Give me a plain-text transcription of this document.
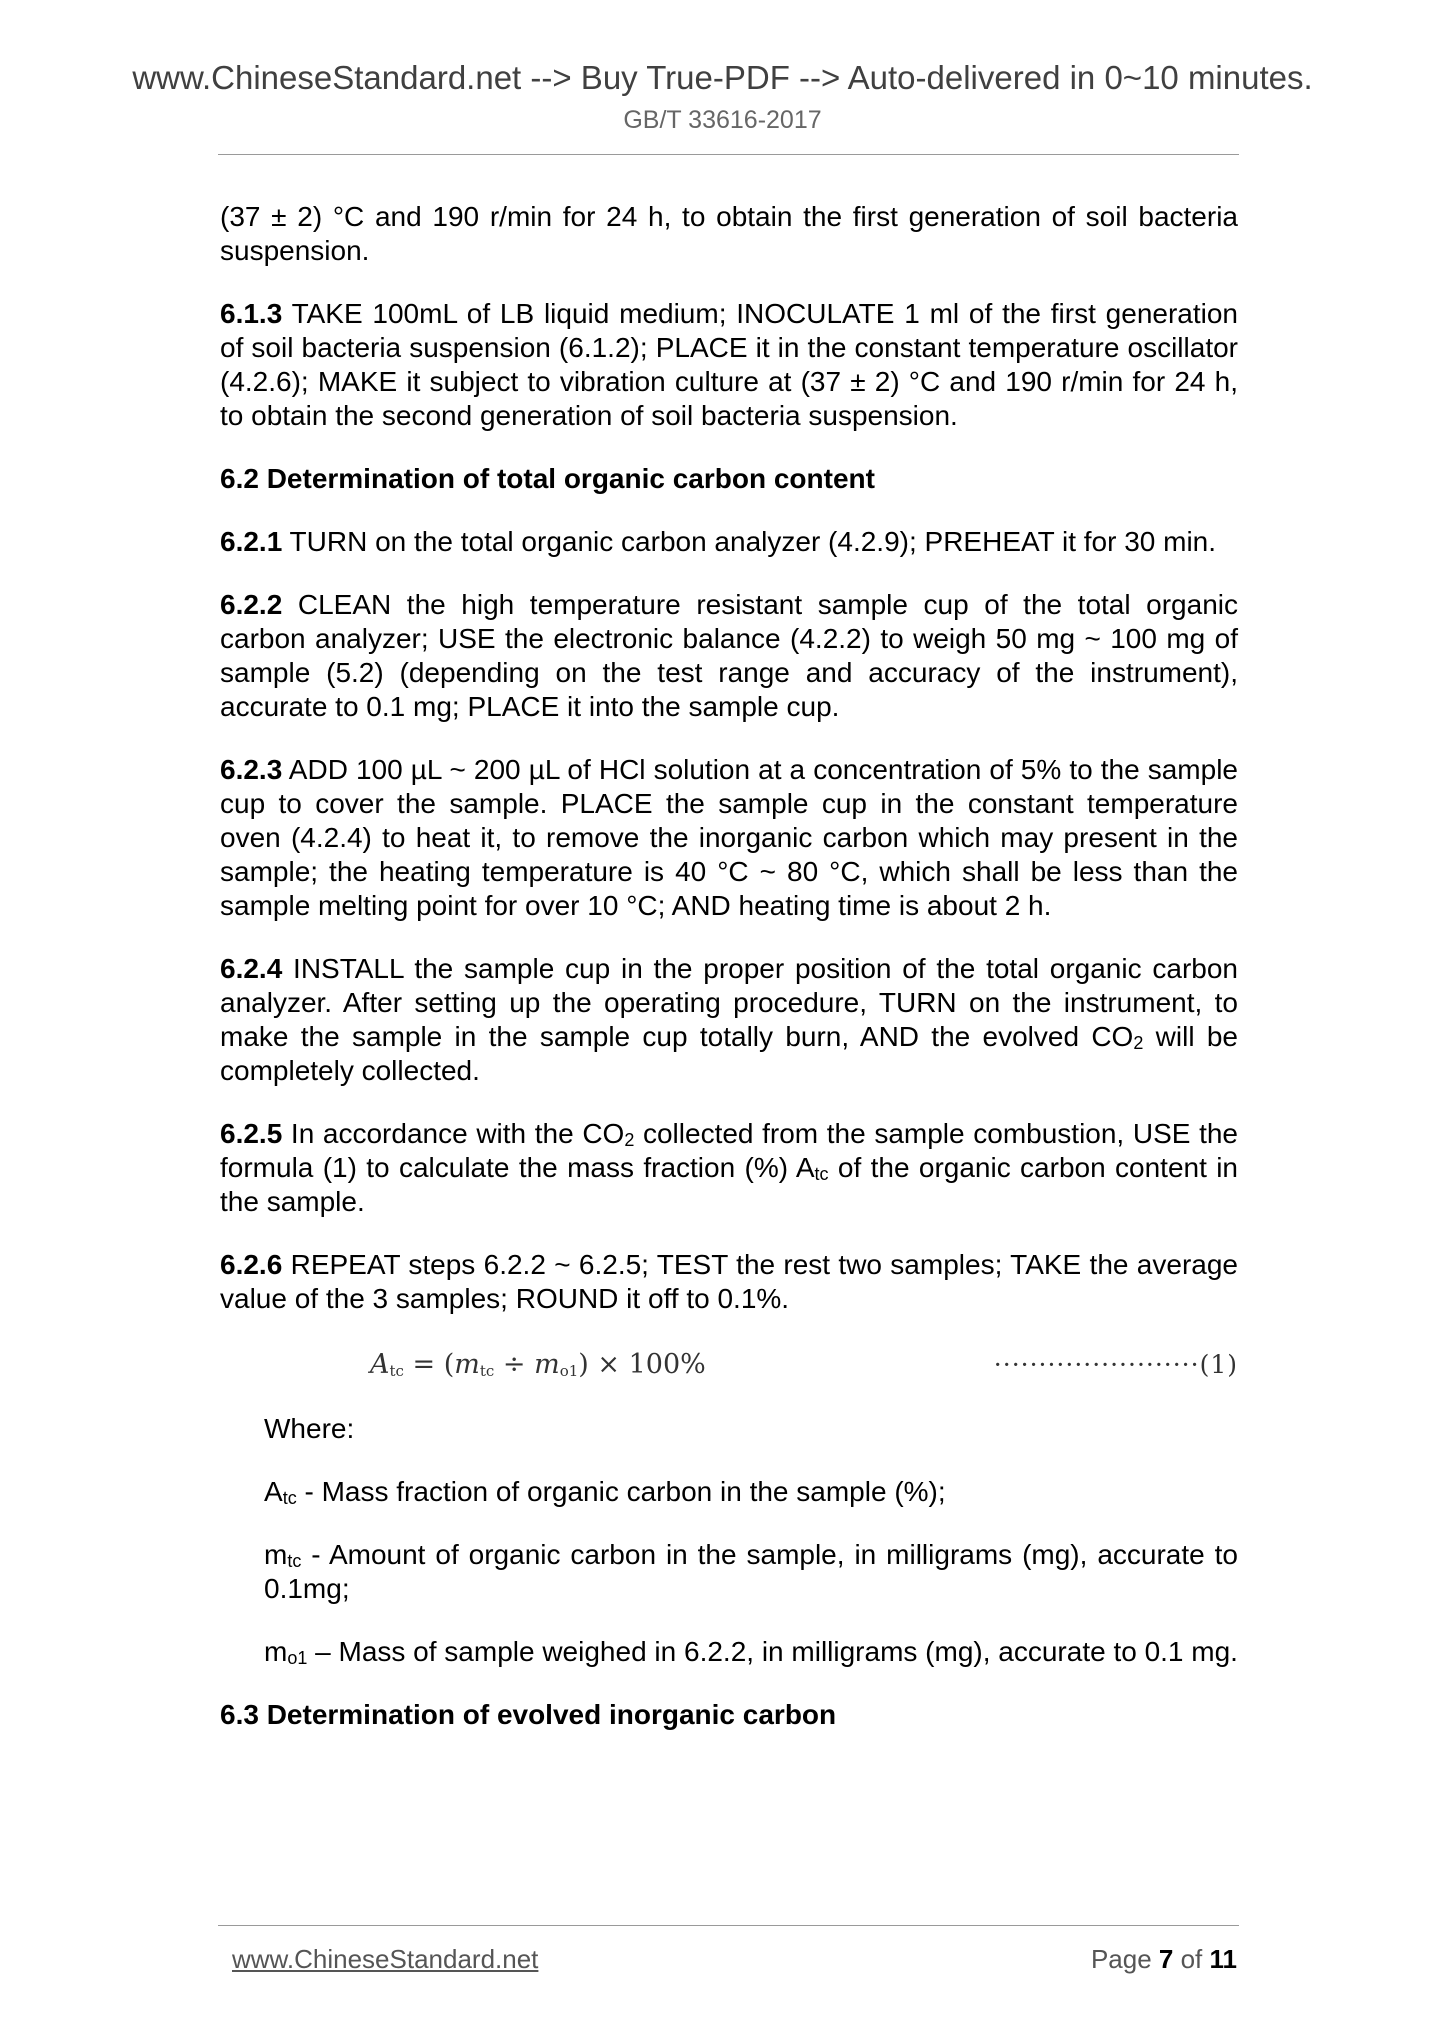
www.ChineseStandard.net --> Buy True-PDF --> Auto-delivered in 0~10 minutes.
GB/T 33616-2017

(37 ± 2) °C and 190 r/min for 24 h, to obtain the first generation of soil bacteria suspension.

6.1.3 TAKE 100mL of LB liquid medium; INOCULATE 1 ml of the first generation of soil bacteria suspension (6.1.2); PLACE it in the constant temperature oscillator (4.2.6); MAKE it subject to vibration culture at (37 ± 2) °C and 190 r/min for 24 h, to obtain the second generation of soil bacteria suspension.

6.2 Determination of total organic carbon content

6.2.1 TURN on the total organic carbon analyzer (4.2.9); PREHEAT it for 30 min.

6.2.2 CLEAN the high temperature resistant sample cup of the total organic carbon analyzer; USE the electronic balance (4.2.2) to weigh 50 mg ~ 100 mg of sample (5.2) (depending on the test range and accuracy of the instrument), accurate to 0.1 mg; PLACE it into the sample cup.

6.2.3 ADD 100 µL ~ 200 µL of HCl solution at a concentration of 5% to the sample cup to cover the sample. PLACE the sample cup in the constant temperature oven (4.2.4) to heat it, to remove the inorganic carbon which may present in the sample; the heating temperature is 40 °C ~ 80 °C, which shall be less than the sample melting point for over 10 °C; AND heating time is about 2 h.

6.2.4 INSTALL the sample cup in the proper position of the total organic carbon analyzer. After setting up the operating procedure, TURN on the instrument, to make the sample in the sample cup totally burn, AND the evolved $CO_2$ will be completely collected.

6.2.5 In accordance with the $CO_2$ collected from the sample combustion, USE the formula (1) to calculate the mass fraction (%) $A_{tc}$ of the organic carbon content in the sample.

6.2.6 REPEAT steps 6.2.2 ~ 6.2.5; TEST the rest two samples; TAKE the average value of the 3 samples; ROUND it off to 0.1%.

$A_{tc} = (m_{tc} \div m_{o1}) \times 100\%$	·······················(1)

Where:

$A_{tc}$ - Mass fraction of organic carbon in the sample (%);

$m_{tc}$ - Amount of organic carbon in the sample, in milligrams (mg), accurate to 0.1mg;

$m_{o1}$ – Mass of sample weighed in 6.2.2, in milligrams (mg), accurate to 0.1 mg.

6.3 Determination of evolved inorganic carbon

www.ChineseStandard.net	Page 7 of 11
